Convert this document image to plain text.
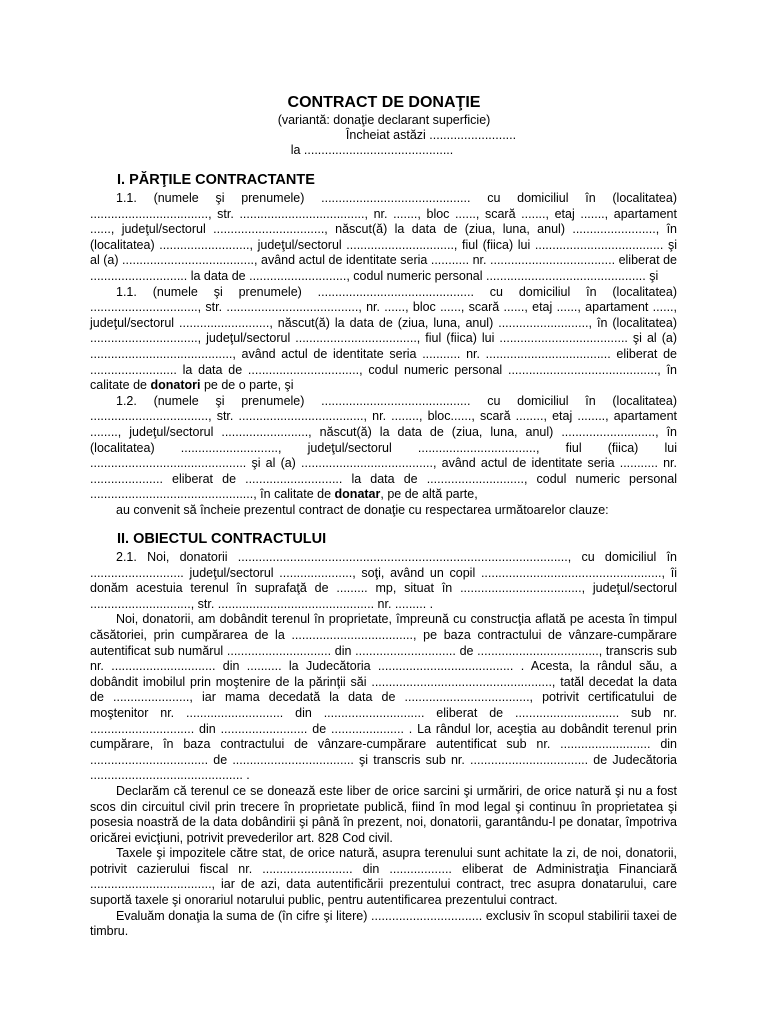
CONTRACT DE DONAŢIE

(variantă: donaţie declarant superficie)

Încheiat astăzi .........................

la ...........................................

I. PĂRŢILE CONTRACTANTE

1.1. (numele şi prenumele) ........................................... cu domiciliul în (localitatea) .................................., str. ...................................., nr. ......., bloc ......, scară ......., etaj ......., apartament ......, judeţul/sectorul ................................, născut(ă) la data de (ziua, luna, anul) ........................, în (localitatea) .........................., judeţul/sectorul ..............................., fiul (fiica) lui ..................................... şi al (a) ......................................, având actul de identitate seria ........... nr. .................................... eliberat de ............................ la data de ............................, codul numeric personal .............................................. şi

1.1. (numele şi prenumele) ............................................. cu domiciliul în (localitatea) ..............................., str. ......................................, nr. ......, bloc ......, scară ......, etaj ......, apartament ......, judeţul/sectorul .........................., născut(ă) la data de (ziua, luna, anul) .........................., în (localitatea) ..............................., judeţul/sectorul ..................................., fiul (fiica) lui ..................................... şi al (a) ........................................., având actul de identitate seria ........... nr. .................................... eliberat de ......................... la data de ................................, codul numeric personal ..........................................., în calitate de donatori pe de o parte, şi

1.2. (numele şi prenumele) ........................................... cu domiciliul în (localitatea) .................................., str. ...................................., nr. ........, bloc......, scară ........, etaj ........, apartament ........, judeţul/sectorul ........................., născut(ă) la data de (ziua, luna, anul) ..........................., în (localitatea) ............................, judeţul/sectorul .................................., fiul (fiica) lui ............................................. şi al (a) ......................................, având actul de identitate seria ........... nr. ..................... eliberat de ............................ la data de ............................, codul numeric personal ..............................................., în calitate de donatar, pe de altă parte,

au convenit să încheie prezentul contract de donaţie cu respectarea următoarelor clauze:

II. OBIECTUL CONTRACTULUI

2.1. Noi, donatorii ..............................................................................................., cu domiciliul în ........................... judeţul/sectorul ....................., soţi, având un copil ...................................................., îi donăm acestuia terenul în suprafaţă de ......... mp, situat în ..................................., judeţul/sectorul ............................., str. ............................................. nr. ......... .

Noi, donatorii, am dobândit terenul în proprietate, împreună cu construcţia aflată pe acesta în timpul căsătoriei, prin cumpărarea de la ..................................., pe baza contractului de vânzare-cumpărare autentificat sub numărul .............................. din ............................. de ..................................., transcris sub nr. .............................. din .......... la Judecătoria ....................................... . Acesta, la rândul său, a dobândit imobilul prin moştenire de la părinţii săi ...................................................., tatăl decedat la data de ......................, iar mama decedată la data de ...................................., potrivit certificatului de moştenitor nr. ............................ din ............................. eliberat de .............................. sub nr. .............................. din ......................... de ..................... . La rândul lor, aceştia au dobândit terenul prin cumpărare, în baza contractului de vânzare-cumpărare autentificat sub nr. .......................... din .................................. de ................................... şi transcris sub nr. .................................. de Judecătoria ............................................ .

Declarăm că terenul ce se donează este liber de orice sarcini şi urmăriri, de orice natură şi nu a fost scos din circuitul civil prin trecere în proprietate publică, fiind în mod legal şi continuu în proprietatea şi posesia noastră de la data dobândirii şi până în prezent, noi, donatorii, garantându-l pe donatar, împotriva oricărei evicţiuni, potrivit prevederilor art. 828 Cod civil.

Taxele şi impozitele către stat, de orice natură, asupra terenului sunt achitate la zi, de noi, donatorii, potrivit cazierului fiscal nr. .......................... din .................. eliberat de Administraţia Financiară ..................................., iar de azi, data autentificării prezentului contract, trec asupra donatarului, care suportă taxele şi onorariul notarului public, pentru autentificarea prezentului contract.

Evaluăm donaţia la suma de (în cifre şi litere) ................................ exclusiv în scopul stabilirii taxei de timbru.
